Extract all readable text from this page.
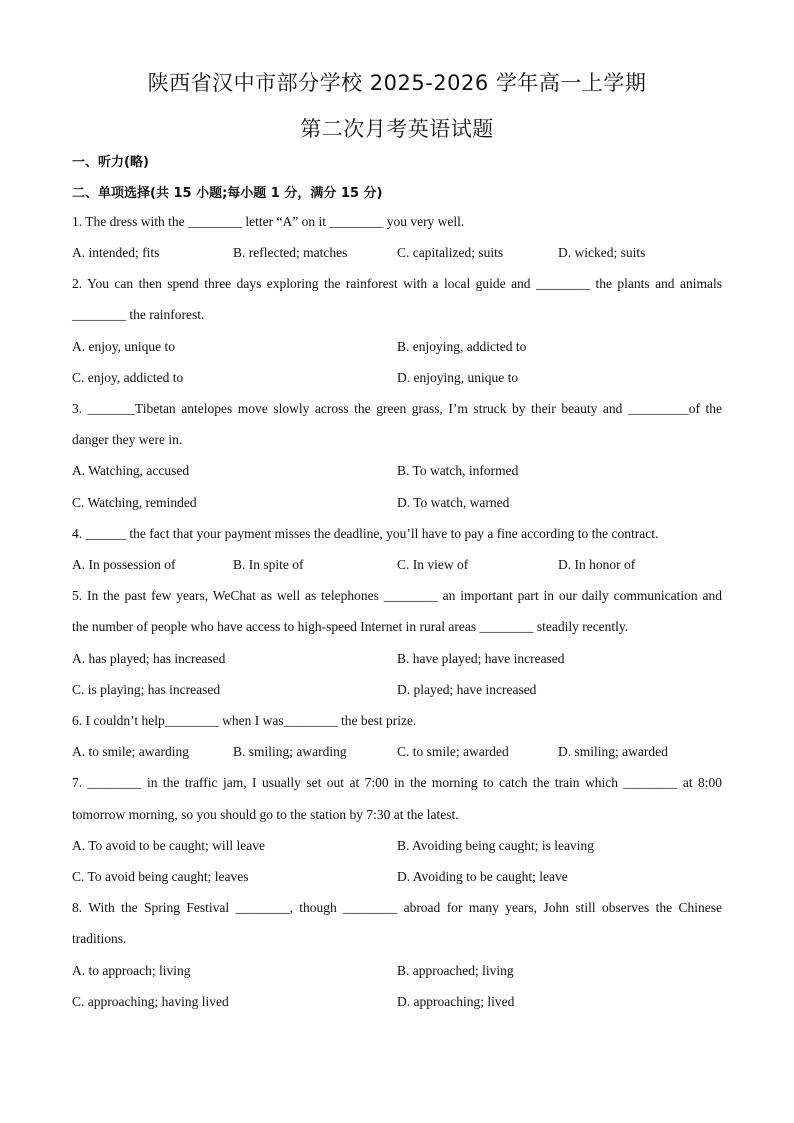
陕西省汉中市部分学校 2025-2026 学年高一上学期
第二次月考英语试题
一、听力(略)
二、单项选择(共 15 小题;每小题 1 分，满分 15 分)
1. The dress with the ________ letter “A” on it ________ you very well.
A. intended; fits	B. reflected; matches	C. capitalized; suits	D. wicked; suits
2. You can then spend three days exploring the rainforest with a local guide and ________ the plants and animals
________ the rainforest.
A. enjoy, unique to	B. enjoying, addicted to
C. enjoy, addicted to	D. enjoying, unique to
3. _______Tibetan antelopes move slowly across the green grass, I’m struck by their beauty and _________of the
danger they were in.
A. Watching, accused	B. To watch, informed
C. Watching, reminded	D. To watch, warned
4. ______ the fact that your payment misses the deadline, you’ll have to pay a fine according to the contract.
A. In possession of	B. In spite of	C. In view of	D. In honor of
5. In the past few years, WeChat as well as telephones ________ an important part in our daily communication and
the number of people who have access to high-speed Internet in rural areas ________ steadily recently.
A. has played; has increased	B. have played; have increased
C. is playing; has increased	D. played; have increased
6. I couldn’t help________ when I was________ the best prize.
A. to smile; awarding	B. smiling; awarding	C. to smile; awarded	D. smiling; awarded
7. ________ in the traffic jam, I usually set out at 7:00 in the morning to catch the train which ________ at 8:00
tomorrow morning, so you should go to the station by 7:30 at the latest.
A. To avoid to be caught; will leave	B. Avoiding being caught; is leaving
C. To avoid being caught; leaves	D. Avoiding to be caught; leave
8. With the Spring Festival ________, though ________ abroad for many years, John still observes the Chinese
traditions.
A. to approach; living	B. approached; living
C. approaching; having lived	D. approaching; lived
